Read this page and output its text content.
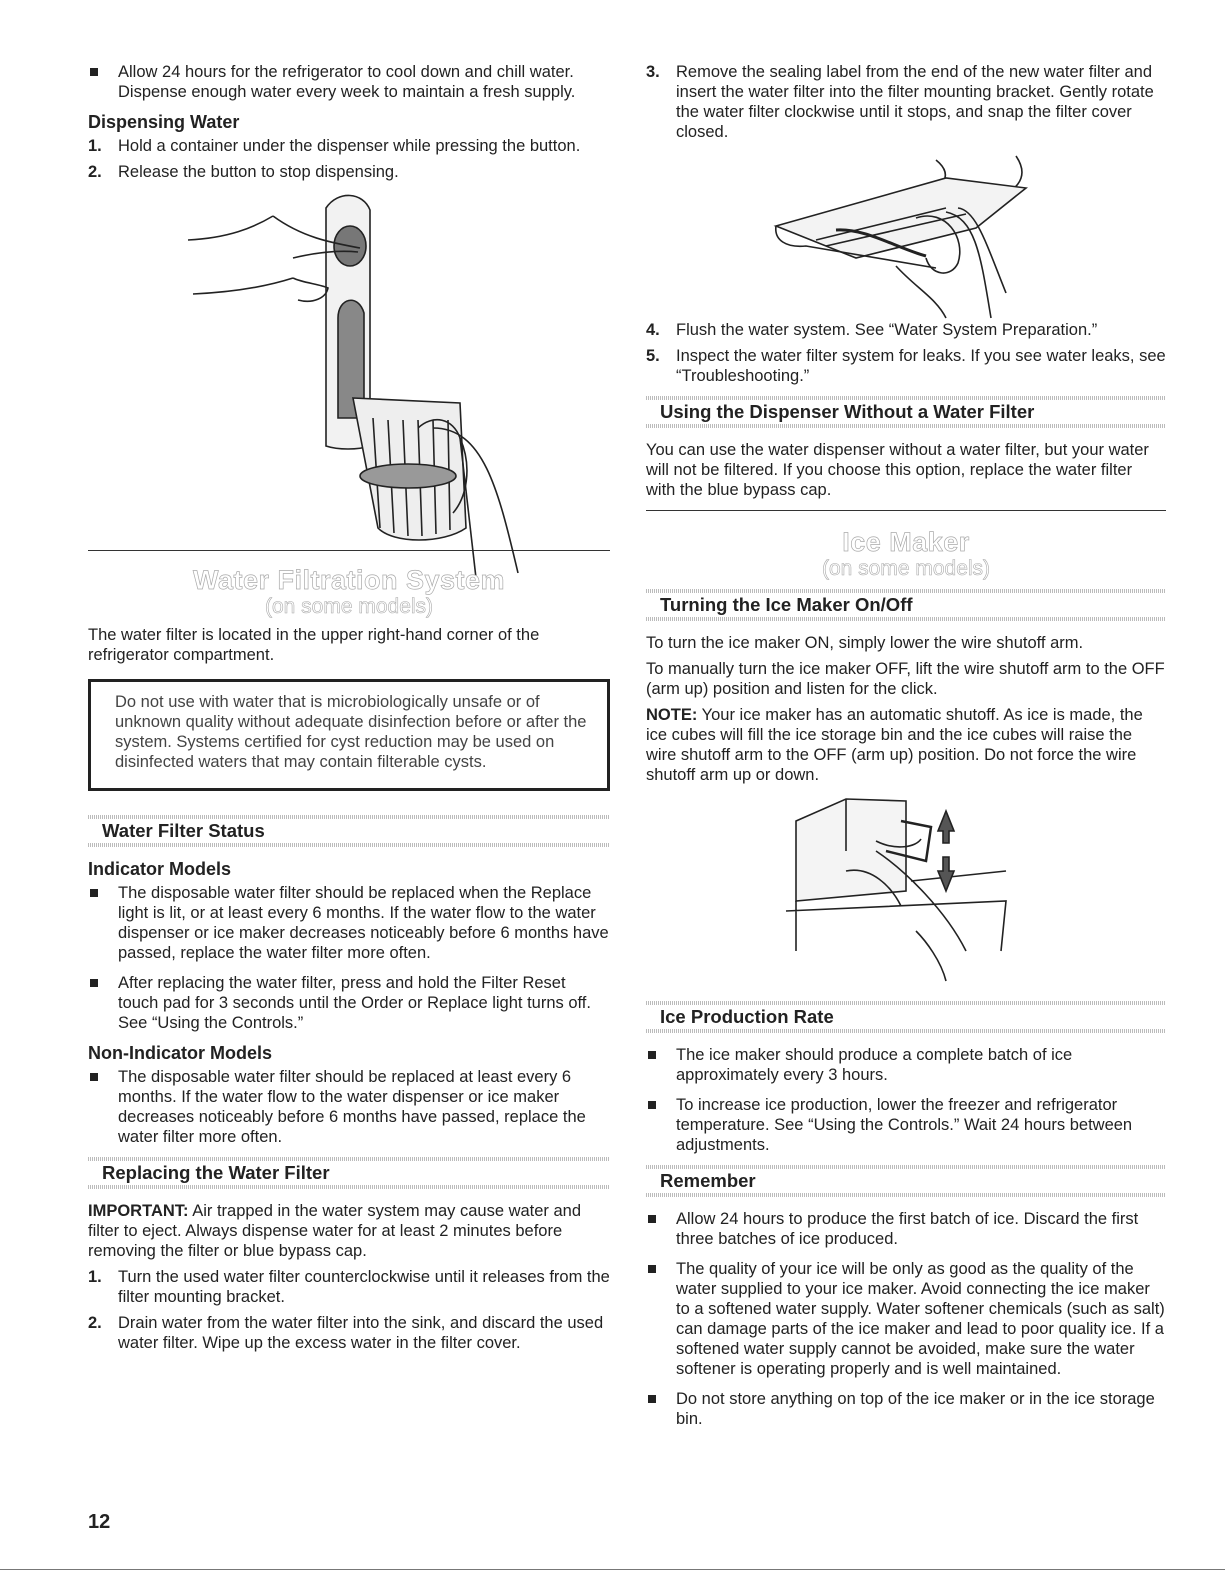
Allow 24 hours for the refrigerator to cool down and chill water. Dispense enough water every week to maintain a fresh supply.
Dispensing Water
1. Hold a container under the dispenser while pressing the button.
2. Release the button to stop dispensing.
Water Filtration System
(on some models)

The water filter is located in the upper right-hand corner of the refrigerator compartment.

Do not use with water that is microbiologically unsafe or of unknown quality without adequate disinfection before or after the system. Systems certified for cyst reduction may be used on disinfected waters that may contain filterable cysts.
Water Filter Status
Indicator Models
The disposable water filter should be replaced when the Replace light is lit, or at least every 6 months. If the water flow to the water dispenser or ice maker decreases noticeably before 6 months have passed, replace the water filter more often.
After replacing the water filter, press and hold the Filter Reset touch pad for 3 seconds until the Order or Replace light turns off. See “Using the Controls.”
Non-Indicator Models
The disposable water filter should be replaced at least every 6 months. If the water flow to the water dispenser or ice maker decreases noticeably before 6 months have passed, replace the water filter more often.
Replacing the Water Filter

IMPORTANT: Air trapped in the water system may cause water and filter to eject. Always dispense water for at least 2 minutes before removing the filter or blue bypass cap.

1. Turn the used water filter counterclockwise until it releases from the filter mounting bracket.
2. Drain water from the water filter into the sink, and discard the used water filter. Wipe up the excess water in the filter cover.
3. Remove the sealing label from the end of the new water filter and insert the water filter into the filter mounting bracket. Gently rotate the water filter clockwise until it stops, and snap the filter cover closed.
4. Flush the water system. See “Water System Preparation.”
5. Inspect the water filter system for leaks. If you see water leaks, see “Troubleshooting.”
Using the Dispenser Without a Water Filter

You can use the water dispenser without a water filter, but your water will not be filtered. If you choose this option, replace the water filter with the blue bypass cap.

Ice Maker
(on some models)
Turning the Ice Maker On/Off

To turn the ice maker ON, simply lower the wire shutoff arm.

To manually turn the ice maker OFF, lift the wire shutoff arm to the OFF (arm up) position and listen for the click.

NOTE: Your ice maker has an automatic shutoff. As ice is made, the ice cubes will fill the ice storage bin and the ice cubes will raise the wire shutoff arm to the OFF (arm up) position. Do not force the wire shutoff arm up or down.

Ice Production Rate
The ice maker should produce a complete batch of ice approximately every 3 hours.
To increase ice production, lower the freezer and refrigerator temperature. See “Using the Controls.” Wait 24 hours between adjustments.
Remember
Allow 24 hours to produce the first batch of ice. Discard the first three batches of ice produced.
The quality of your ice will be only as good as the quality of the water supplied to your ice maker. Avoid connecting the ice maker to a softened water supply. Water softener chemicals (such as salt) can damage parts of the ice maker and lead to poor quality ice. If a softened water supply cannot be avoided, make sure the water softener is operating properly and is well maintained.
Do not store anything on top of the ice maker or in the ice storage bin.
12
